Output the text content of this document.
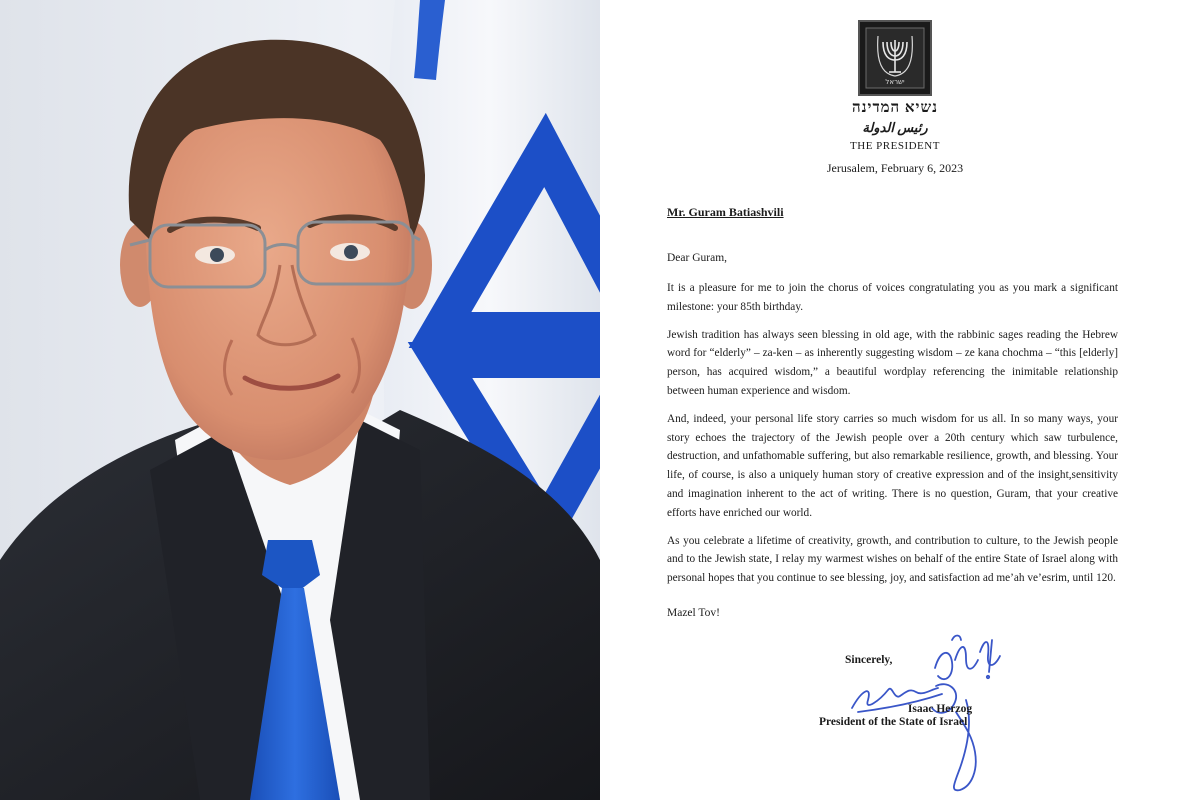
ישראל
נשיא המדינה
رئيس الدولة
THE PRESIDENT
Jerusalem, February 6, 2023
Mr. Guram Batiashvili
Dear Guram,

It is a pleasure for me to join the chorus of voices congratulating you as you mark a significant milestone: your 85th birthday.

Jewish tradition has always seen blessing in old age, with the rabbinic sages reading the Hebrew word for “elderly” – za-ken – as inherently suggesting wisdom – ze kana chochma – “this [elderly] person, has acquired wisdom,” a beautiful wordplay referencing the inimitable relationship between human experience and wisdom.

And, indeed, your personal life story carries so much wisdom for us all. In so many ways, your story echoes the trajectory of the Jewish people over a 20th century which saw turbulence, destruction, and unfathomable suffering, but also remarkable resilience, growth, and blessing. Your life, of course, is also a uniquely human story of creative expression and of the insight,sensitivity and imagination inherent to the act of writing. There is no question, Guram, that your creative efforts have enriched our world.

As you celebrate a lifetime of creativity, growth, and contribution to culture, to the Jewish people and to the Jewish state, I relay my warmest wishes on behalf of the entire State of Israel along with personal hopes that you continue to see blessing, joy, and satisfaction ad me’ah ve’esrim, until 120.

Mazel Tov!
Sincerely,
Isaac Herzog
President of the State of Israel
